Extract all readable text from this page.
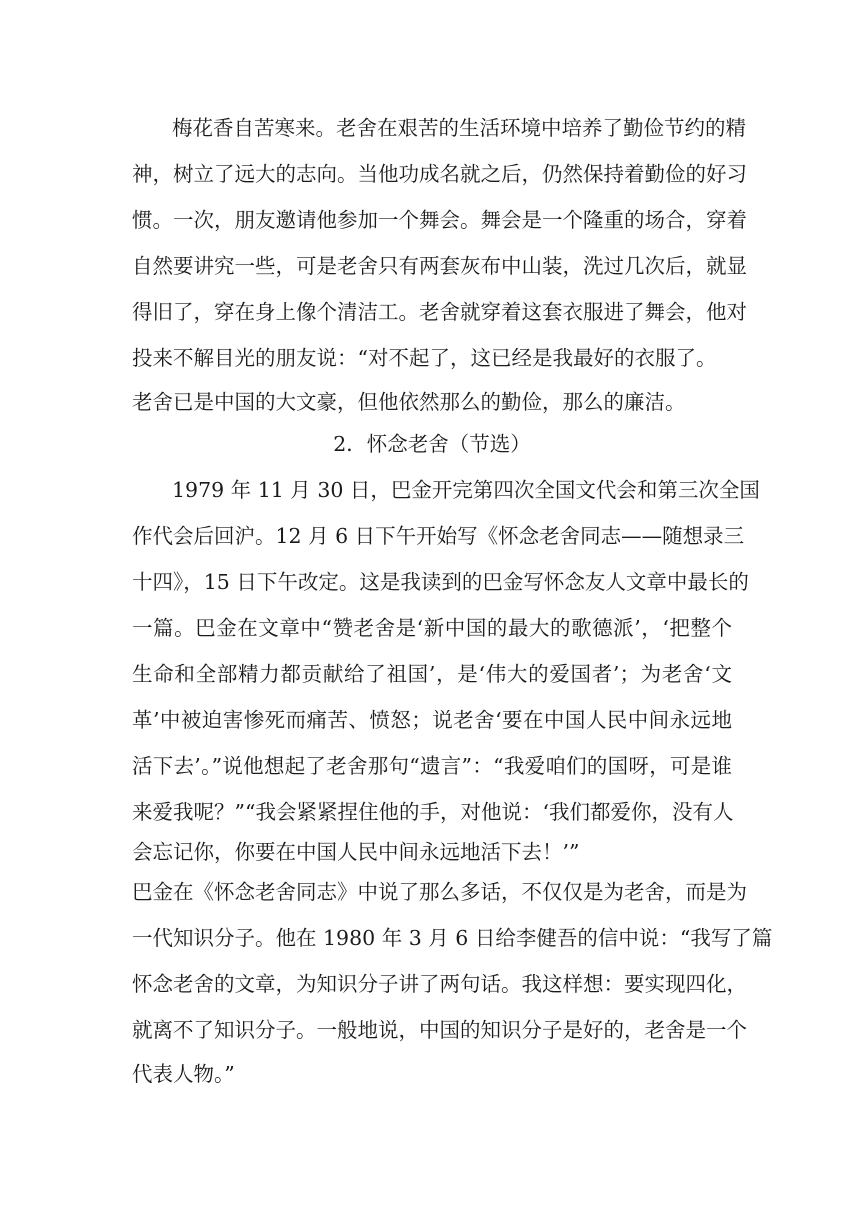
梅花香自苦寒来。老舍在艰苦的生活环境中培养了勤俭节约的精

神，树立了远大的志向。当他功成名就之后，仍然保持着勤俭的好习

惯。一次，朋友邀请他参加一个舞会。舞会是一个隆重的场合，穿着

自然要讲究一些，可是老舍只有两套灰布中山装，洗过几次后，就显

得旧了，穿在身上像个清洁工。老舍就穿着这套衣服进了舞会，他对

投来不解目光的朋友说：“对不起了，这已经是我最好的衣服了。

老舍已是中国的大文豪，但他依然那么的勤俭，那么的廉洁。

2．怀念老舍（节选）

1979 年 11 月 30 日，巴金开完第四次全国文代会和第三次全国

作代会后回沪。12 月 6 日下午开始写《怀念老舍同志——随想录三

十四》，15 日下午改定。这是我读到的巴金写怀念友人文章中最长的

一篇。巴金在文章中“赞老舍是‘新中国的最大的歌德派’，‘把整个

生命和全部精力都贡献给了祖国’，是‘伟大的爱国者’；为老舍‘文

革’中被迫害惨死而痛苦、愤怒；说老舍‘要在中国人民中间永远地

活下去’。”说他想起了老舍那句“遗言”：“我爱咱们的国呀，可是谁

来爱我呢？”“我会紧紧捏住他的手，对他说：‘我们都爱你，没有人

会忘记你，你要在中国人民中间永远地活下去！’”

巴金在《怀念老舍同志》中说了那么多话，不仅仅是为老舍，而是为

一代知识分子。他在 1980 年 3 月 6 日给李健吾的信中说：“我写了篇

怀念老舍的文章，为知识分子讲了两句话。我这样想：要实现四化，

就离不了知识分子。一般地说，中国的知识分子是好的，老舍是一个

代表人物。”
